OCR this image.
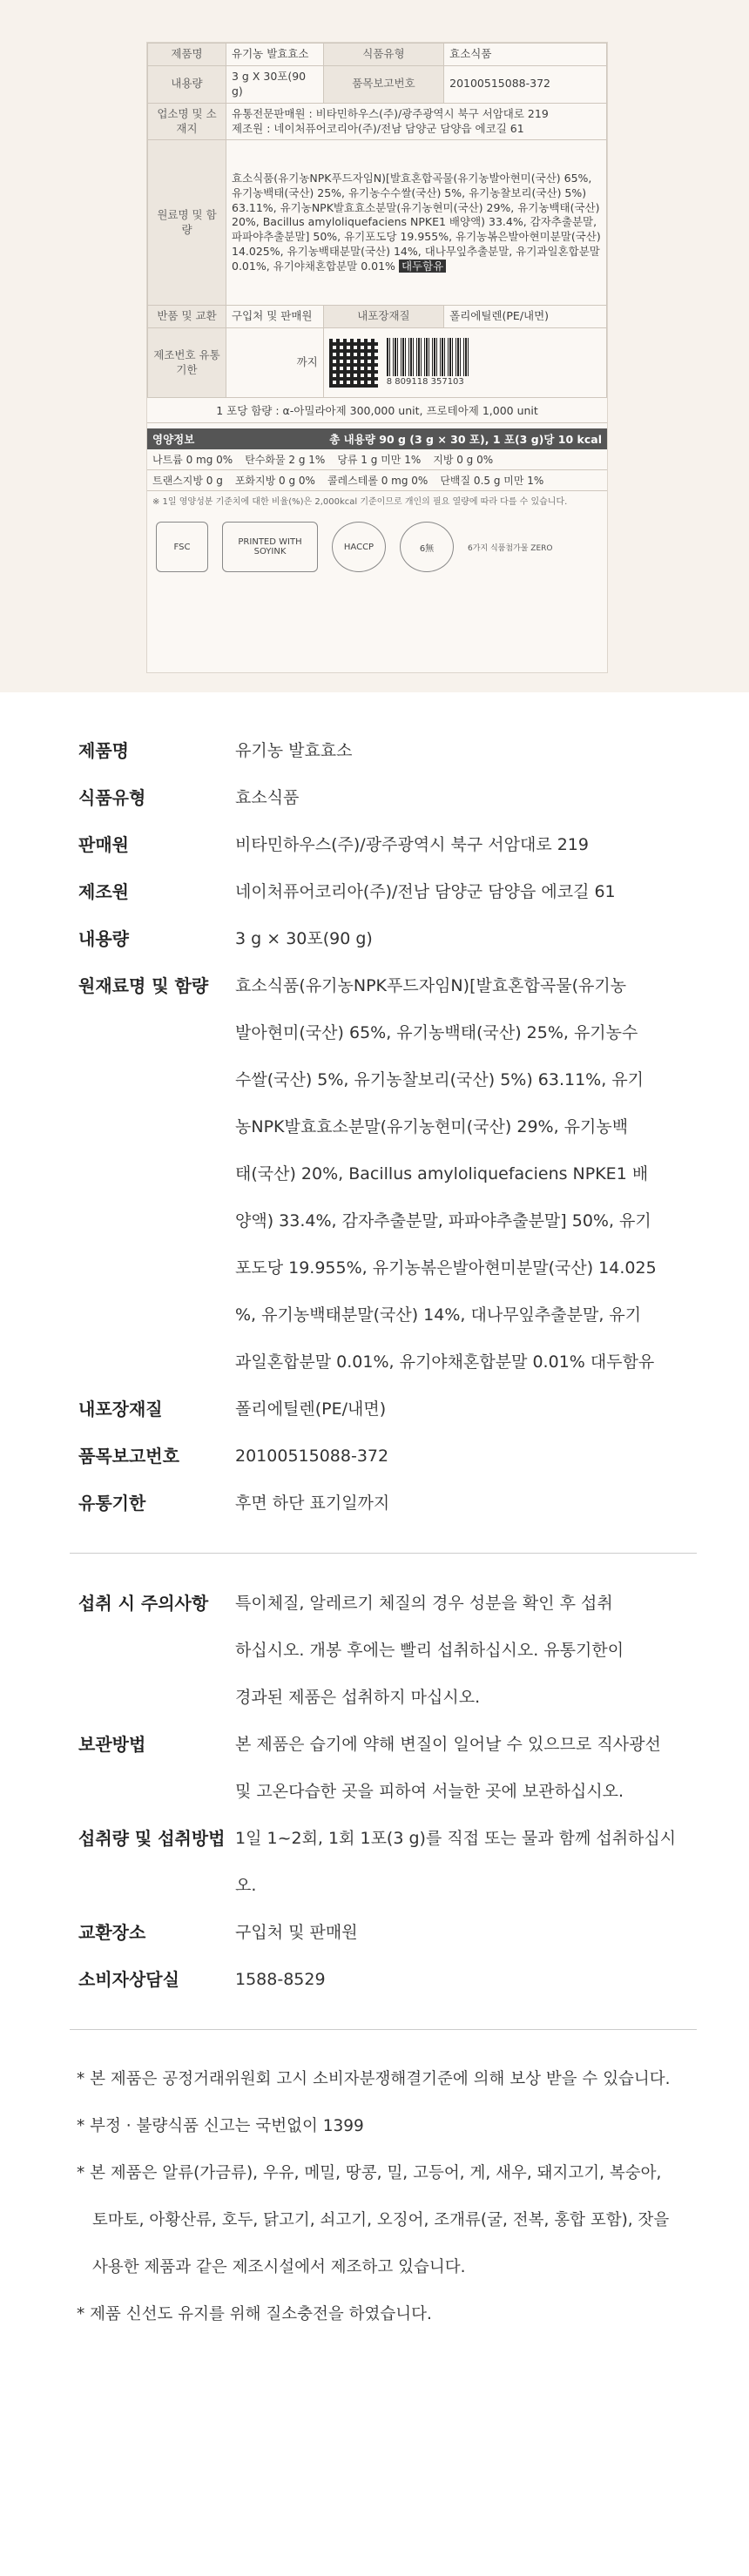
제품명	유기농 발효효소	식품유형	효소식품
내용량	3 g X 30포(90 g)	품목보고번호	20100515088-372
업소명 및 소재지	유통전문판매원 : 비타민하우스(주)/광주광역시 북구 서암대로 219
제조원 : 네이처퓨어코리아(주)/전남 담양군 담양읍 에코길 61		

원료명 및 함량	효소식품(유기농NPK푸드자임N)[발효혼합곡물(유기농발아현미(국산) 65%, 유기농백태(국산) 25%, 유기농수수쌀(국산) 5%, 유기농찰보리(국산) 5%) 63.11%, 유기농NPK발효효소분말(유기농현미(국산) 29%, 유기농백태(국산) 20%, Bacillus amyloliquefaciens NPKE1 배양액) 33.4%, 감자추출분말, 파파야추출분말] 50%, 유기포도당 19.955%, 유기농볶은발아현미분말(국산) 14.025%, 유기농백태분말(국산) 14%, 대나무잎추출분말, 유기과일혼합분말 0.01%, 유기야채혼합분말 0.01% 대두함유		
반품 및 교환	구입처 및 판매원	내포장재질	폴리에틸렌(PE/내면)
제조번호 유통기한	까지	8 809118 357103	
1 포당 함량 : α-아밀라아제 300,000 unit, 프로테아제 1,000 unit
영양정보	총 내용량 90 g (3 g × 30 포), 1 포(3 g)당 10 kcal
나트륨 0 mg 0% 탄수화물 2 g 1% 당류 1 g 미만 1% 지방 0 g 0%
트랜스지방 0 g 포화지방 0 g 0% 콜레스테롤 0 mg 0% 단백질 0.5 g 미만 1%
※ 1일 영양성분 기준치에 대한 비율(%)은 2,000kcal 기준이므로 개인의 필요 열량에 따라 다를 수 있습니다.
FSC	PRINTED WITH SOYINK	HACCP	6無	6가지 식품첨가물 ZERO
제품명	유기농 발효효소
식품유형	효소식품
판매원	비타민하우스(주)/광주광역시 북구 서암대로 219
제조원	네이처퓨어코리아(주)/전남 담양군 담양읍 에코길 61
내용량	3 g × 30포(90 g)
원재료명 및 함량	효소식품(유기농NPK푸드자임N)[발효혼합곡물(유기농
발아현미(국산) 65%, 유기농백태(국산) 25%, 유기농수
수쌀(국산) 5%, 유기농찰보리(국산) 5%) 63.11%, 유기
농NPK발효효소분말(유기농현미(국산) 29%, 유기농백
태(국산) 20%, Bacillus amyloliquefaciens NPKE1 배
양액) 33.4%, 감자추출분말, 파파야추출분말] 50%, 유기
포도당 19.955%, 유기농볶은발아현미분말(국산) 14.025
%, 유기농백태분말(국산) 14%, 대나무잎추출분말, 유기
과일혼합분말 0.01%, 유기야채혼합분말 0.01% 대두함유
내포장재질	폴리에틸렌(PE/내면)
품목보고번호	20100515088-372
유통기한	후면 하단 표기일까지
섭취 시 주의사항	특이체질, 알레르기 체질의 경우 성분을 확인 후 섭취
하십시오. 개봉 후에는 빨리 섭취하십시오. 유통기한이
경과된 제품은 섭취하지 마십시오.
보관방법	본 제품은 습기에 약해 변질이 일어날 수 있으므로 직사광선
및 고온다습한 곳을 피하여 서늘한 곳에 보관하십시오.
섭취량 및 섭취방법 1일 1~2회, 1회 1포(3 g)를 직접 또는 물과 함께 섭취하십시오.
교환장소	구입처 및 판매원
소비자상담실	1588-8529

* 본 제품은 공정거래위원회 고시 소비자분쟁해결기준에 의해 보상 받을 수 있습니다.

* 부정 · 불량식품 신고는 국번없이 1399

* 본 제품은 알류(가금류), 우유, 메밀, 땅콩, 밀, 고등어, 게, 새우, 돼지고기, 복숭아,

토마토, 아황산류, 호두, 닭고기, 쇠고기, 오징어, 조개류(굴, 전복, 홍합 포함), 잣을

사용한 제품과 같은 제조시설에서 제조하고 있습니다.

* 제품 신선도 유지를 위해 질소충전을 하였습니다.
